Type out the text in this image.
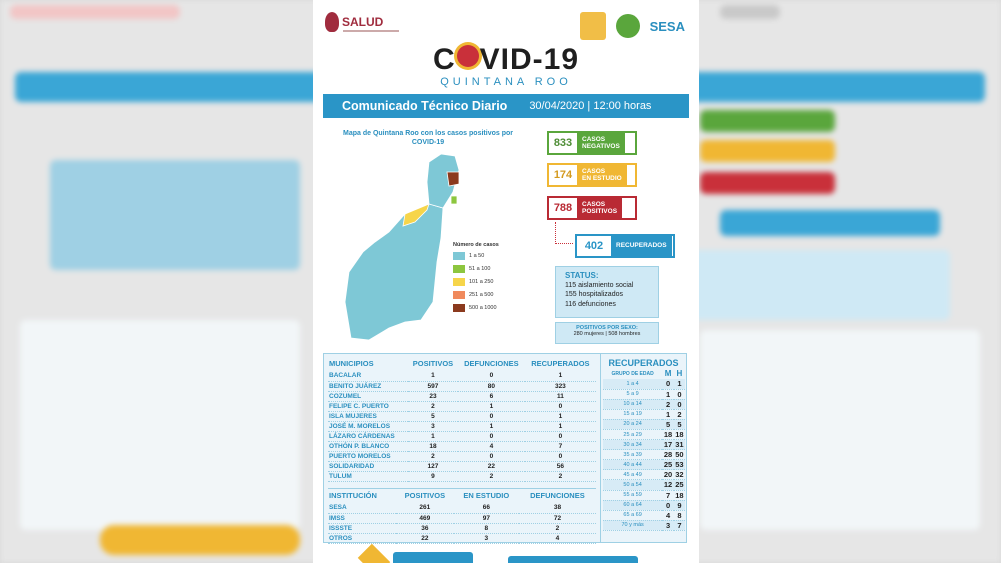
SALUD	SESA
C VID-19
QUINTANA ROO
Comunicado Técnico Diario 30/04/2020 | 12:00 horas
Mapa de Quintana Roo con los casos positivos por COVID-19
Número de casos
1 a 50
51 a 100
101 a 250
251 a 500
500 a 1000
833	CASOS
NEGATIVOS
174	CASOS
EN ESTUDIO
788	CASOS
POSITIVOS
402	RECUPERADOS
STATUS:
115 aislamiento social
155 hospitalizados
116 defunciones
POSITIVOS POR SEXO:
280 mujeres | 508 hombres
MUNICIPIOS	POSITIVOS	DEFUNCIONES	RECUPERADOS
BACALAR	1	0	1
BENITO JUÁREZ	597	80	323
COZUMEL	23	6	11
FELIPE C. PUERTO	2	1	0
ISLA MUJERES	5	0	1
JOSÉ M. MORELOS	3	1	1
LÁZARO CÁRDENAS	1	0	0
OTHÓN P. BLANCO	18	4	7
PUERTO MORELOS	2	0	0
SOLIDARIDAD	127	22	56
TULUM	9	2	2
INSTITUCIÓN	POSITIVOS	EN ESTUDIO	DEFUNCIONES
SESA	261	66	38
IMSS	469	97	72
ISSSTE	36	8	2
OTROS	22	3	4
RECUPERADOS
GRUPO DE EDAD	M	H
1 a 4	0	1
5 a 9	1	0
10 a 14	2	0
15 a 19	1	2
20 a 24	5	5
25 a 29	18	18
30 a 34	17	31
35 a 39	28	50
40 a 44	25	53
45 a 49	20	32
50 a 54	12	25
55 a 59	7	18
60 a 64	0	9
65 a 69	4	8
70 y más	3	7
